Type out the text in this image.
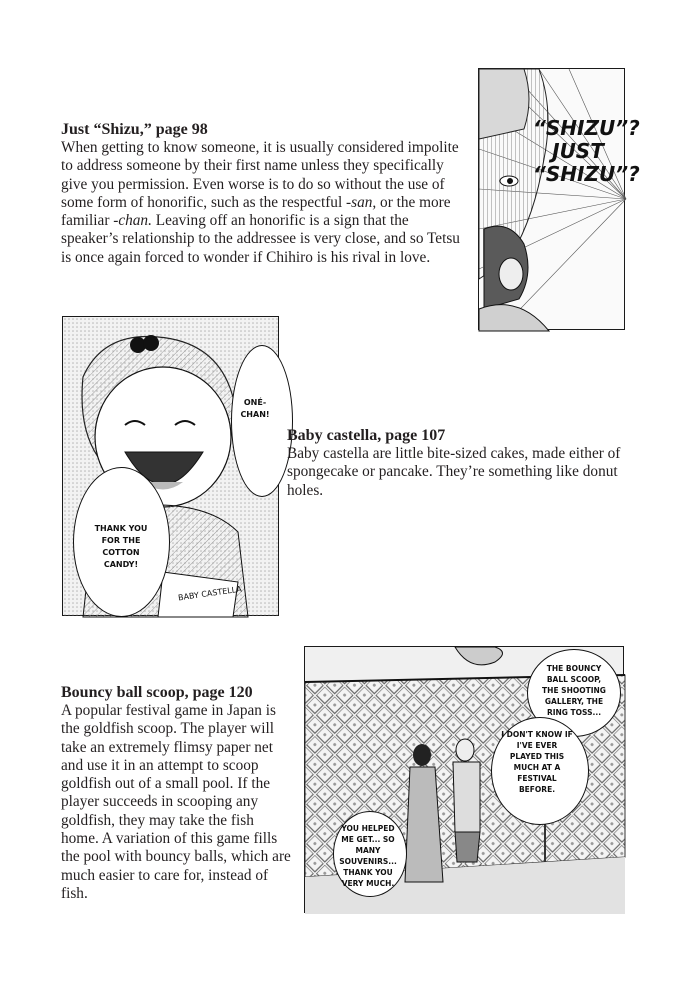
Just “Shizu,” page 98

When getting to know someone, it is usually considered impolite to address someone by their first name unless they specifically give you permission. Even worse is to do so without the use of some form of honorific, such as the respectful -san, or the more familiar -chan. Leaving off an honorific is a sign that the speaker’s relationship to the addressee is very close, and so Tetsu is once again forced to wonder if Chihiro is his rival in love.

“SHIZU”?
JUST
“SHIZU”?
ONÉ-CHAN!
THANK YOU FOR THE COTTON CANDY!
BABY CASTELLA
Baby castella, page 107

Baby castella are little bite-sized cakes, made either of spongecake or pancake. They’re something like donut holes.

Bouncy ball scoop, page 120

A popular festival game in Japan is the goldfish scoop. The player will take an extremely flimsy paper net and use it in an attempt to scoop goldfish out of a small pool. If the player succeeds in scooping any goldfish, they may take the fish home. A variation of this game fills the pool with bouncy balls, which are much easier to care for, instead of fish.

THE BOUNCY BALL SCOOP, THE SHOOTING GALLERY, THE RING TOSS...
I DON'T KNOW IF I'VE EVER PLAYED THIS MUCH AT A FESTIVAL BEFORE.
YOU HELPED ME GET... SO MANY SOUVENIRS... THANK YOU VERY MUCH.
